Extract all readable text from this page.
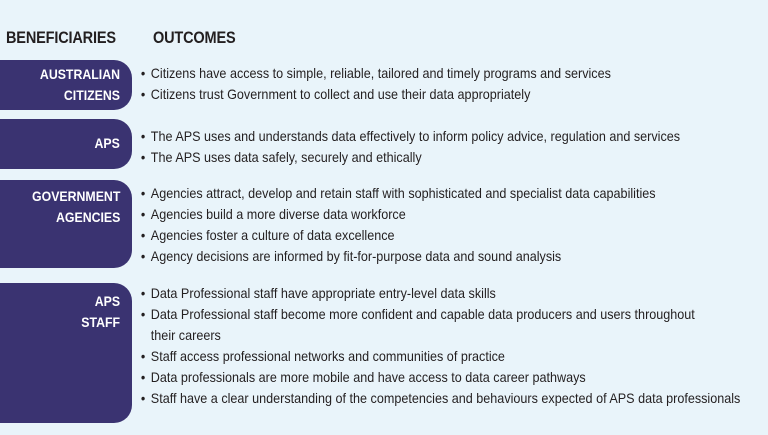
BENEFICIARIES OUTCOMES
AUSTRALIAN
CITIZENS
• Citizens have access to simple, reliable, tailored and timely programs and services
• Citizens trust Government to collect and use their data appropriately
APS
•	The APS uses and understands data effectively to inform policy advice, regulation and services
• The APS uses data safely, securely and ethically
GOVERNMENT
AGENCIES
• Agencies attract, develop and retain staff with sophisticated and specialist data capabilities
• Agencies build a more diverse data workforce
• Agencies foster a culture of data excellence
• Agency decisions are informed by fit-for-purpose data and sound analysis
APS
STAFF
• Data Professional staff have appropriate entry-level data skills
• Data Professional staff become more confident and capable data producers and users throughout
their careers
• Staff access professional networks and communities of practice
• Data professionals are more mobile and have access to data career pathways
• Staff have a clear understanding of the competencies and behaviours expected of APS data professionals
